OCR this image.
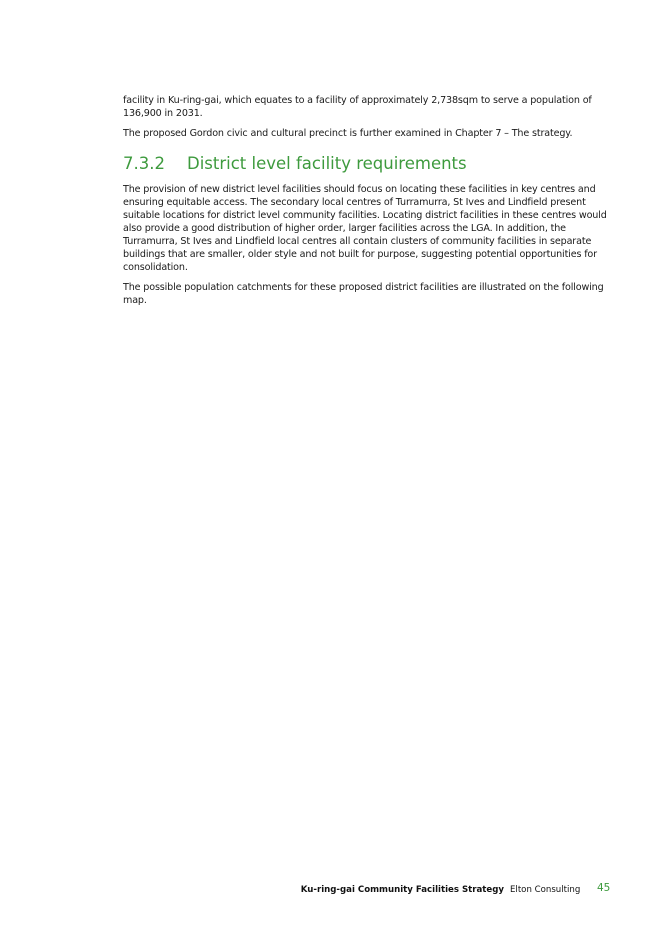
facility in Ku-ring-gai, which equates to a facility of approximately 2,738sqm to serve a population of 136,900 in 2031.

The proposed Gordon civic and cultural precinct is further examined in Chapter 7 – The strategy.

7.3.2	District level facility requirements

The provision of new district level facilities should focus on locating these facilities in key centres and ensuring equitable access. The secondary local centres of Turramurra, St Ives and Lindfield present suitable locations for district level community facilities. Locating district facilities in these centres would also provide a good distribution of higher order, larger facilities across the LGA. In addition, the Turramurra, St Ives and Lindfield local centres all contain clusters of community facilities in separate buildings that are smaller, older style and not built for purpose, suggesting potential opportunities for consolidation.

The possible population catchments for these proposed district facilities are illustrated on the following map.

Ku-ring-gai Community Facilities Strategy Elton Consulting 45
